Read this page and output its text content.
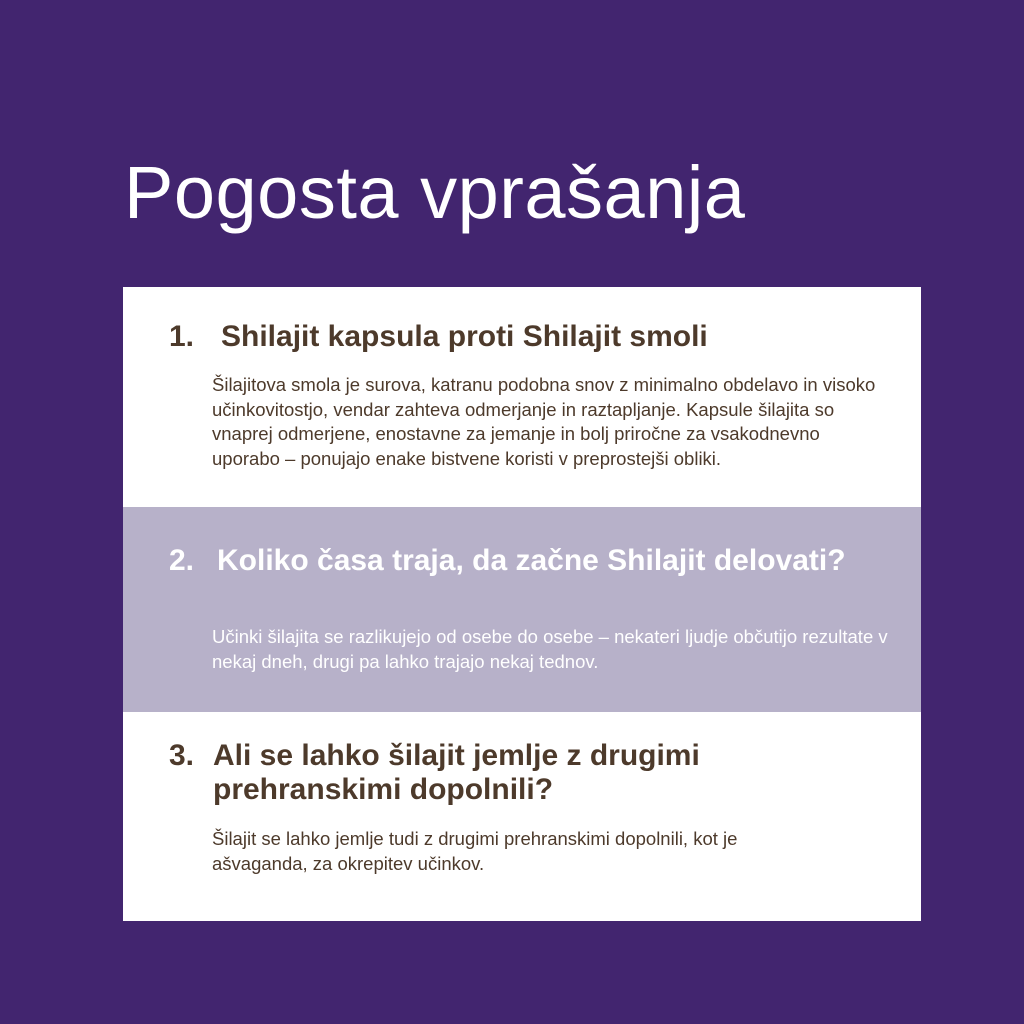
Pogosta vprašanja
1. Shilajit kapsula proti Shilajit smoli

Šilajitova smola je surova, katranu podobna snov z minimalno obdelavo in visoko učinkovitostjo, vendar zahteva odmerjanje in raztapljanje. Kapsule šilajita so vnaprej odmerjene, enostavne za jemanje in bolj priročne za vsakodnevno uporabo – ponujajo enake bistvene koristi v preprostejši obliki.

2. Koliko časa traja, da začne Shilajit delovati?

Učinki šilajita se razlikujejo od osebe do osebe – nekateri ljudje občutijo rezultate v nekaj dneh, drugi pa lahko trajajo nekaj tednov.

3. Ali se lahko šilajit jemlje z drugimi prehranskimi dopolnili?

Šilajit se lahko jemlje tudi z drugimi prehranskimi dopolnili, kot je ašvaganda, za okrepitev učinkov.
